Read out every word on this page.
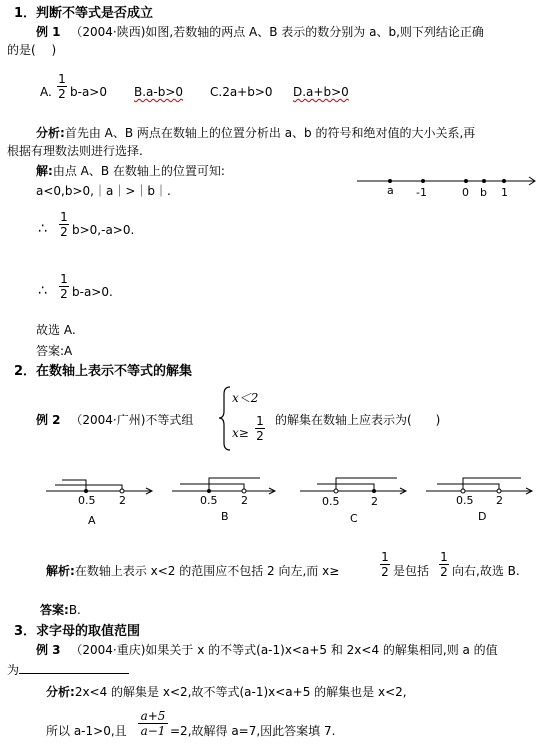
1．判断不等式是否成立
例 1 （2004·陕西)如图,若数轴的两点 A、B 表示的数分别为 a、b,则下列结论正确
的是(　 )
A.
1
2 b-a>0 B.a-b>0 C.2a+b>0 D.a+b>0
分析:首先由 A、B 两点在数轴上的位置分析出 a、b 的符号和绝对值的大小关系,再
根据有理数法则进行选择.
解:由点 A、B 在数轴上的位置可知:
a<0,b>0,｜a｜>｜b｜.	a -1	0 b 1
∴
1
2 b>0,-a>0.
∴
1
2 b-a>0.
故选 A.
答案:A
2．在数轴上表示不等式的解集
例 2 （2004·广州)不等式组
x＜2
x≥
1
2
的解集在数轴上应表示为(　　)
0.5 2
A
0.5 2
B
0.5	2
C
0.5 2
D
解析:在数轴上表示 x<2 的范围应不包括 2 向左,而 x≥
1
2 是包括
1
2 向右,故选 B.
答案:B.
3．求字母的取值范围
例 3 （2004·重庆)如果关于 x 的不等式(a-1)x<a+5 和 2x<4 的解集相同,则 a 的值
为
分析:2x<4 的解集是 x<2,故不等式(a-1)x<a+5 的解集也是 x<2,
所以 a-1>0,且
a+5
a−1 =2,故解得 a=7,因此答案填 7.
